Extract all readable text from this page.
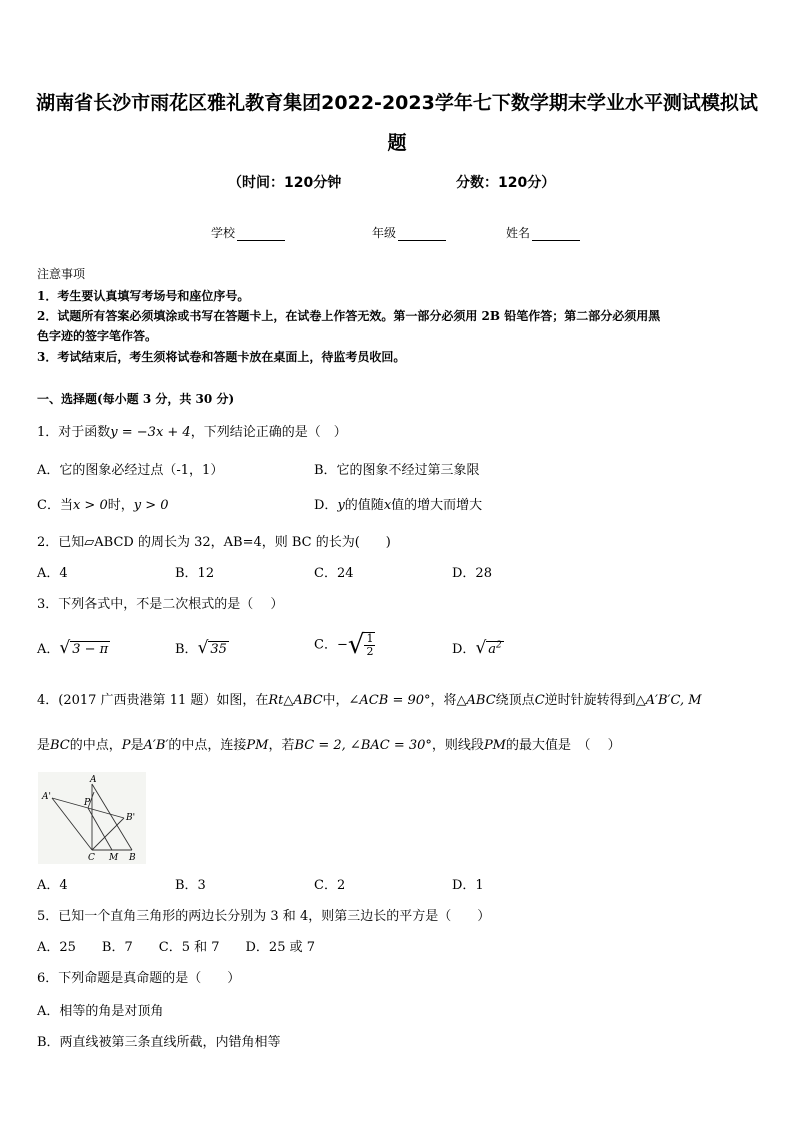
湖南省长沙市雨花区雅礼教育集团2022-2023学年七下数学期末学业水平测试模拟试
题
（时间：120分钟	分数：120分）
学校	年级	姓名
注意事项
1．考生要认真填写考场号和座位序号。
2．试题所有答案必须填涂或书写在答题卡上，在试卷上作答无效。第一部分必须用 2B 铅笔作答；第二部分必须用黑
色字迹的签字笔作答。
3．考试结束后，考生须将试卷和答题卡放在桌面上，待监考员收回。
一、选择题(每小题 3 分，共 30 分)
1．对于函数y = −3x + 4，下列结论正确的是（　）
A．它的图象必经过点（-1，1）	B．它的图象不经过第三象限
C．当x > 0时，y > 0	D．y的值随x值的增大而增大
2．已知▱ABCD 的周长为 32，AB=4，则 BC 的长为(　　)
A．4	B．12	C．24	D．28
3．下列各式中，不是二次根式的是（　 ）
A．√ 3 − π	B．√ 35	C．−√ $\frac{1}{2}$	D．√ $a^2$
4．(2017 广西贵港第 11 题）如图，在Rt△ABC中，∠ACB = 90°，将△ABC绕顶点C逆时针旋转得到△A′B′C, M
是BC的中点，P是A′B′的中点，连接PM，若BC = 2, ∠BAC = 30°，则线段PM的最大值是　（　 ）
A
A'
P
B'
C M B
A．4	B．3	C．2	D．1
5．已知一个直角三角形的两边长分别为 3 和 4，则第三边长的平方是（　　）
A．25　　B．7　　C．5 和 7　　D．25 或 7
6．下列命题是真命题的是（　　）
A．相等的角是对顶角
B．两直线被第三条直线所截，内错角相等
